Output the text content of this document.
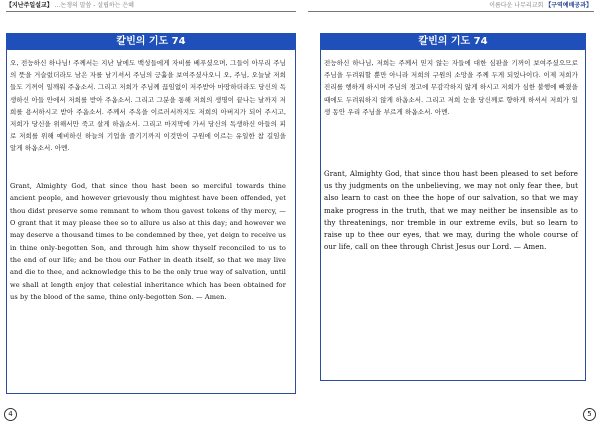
【지난주일설교】 ...논쟁의 말씀 - 설립하는 은혜
칼빈의 기도 74
오, 전능하신 하나님! 주께서는 지난 날에도 백성들에게 자비를 베푸셨으며, 그들이 아무리 주님의 뜻을 거슬렀더라도 남은 자를 남기셔서 주님의 긍휼을 보여주셨사오니 오, 주님, 오늘날 저희들도 기꺼이 일깨워 주옵소서. 그리고 저희가 주님께 끊임없이 저주받아 마땅하더라도 당신의 독생하신 아들 안에서 저희를 받아 주옵소서. 그리고 그분을 통해 저희의 생명이 끝나는 날까지 저희를 용서하시고 받아 주옵소서. 주께서 주옥을 이르러서까지도 저희의 아버지가 되어 주시고, 저희가 당신을 위해서만 죽고 살게 하옵소서. 그리고 마지막에 가서 당신의 독생하신 아들의 피로 저희를 위해 예비하신 하늘의 기업을 즐기기까지 이것만이 구원에 이르는 유일한 참 길임을 알게 하옵소서. 아멘.
Grant, Almighty God, that since thou hast been so merciful towards thine ancient people, and however grievously thou mightest have been offended, yet thou didst preserve some remnant to whom thou gavest tokens of thy mercy, — O grant that it may please thee so to allure us also at this day; and however we may deserve a thousand times to be condemned by thee, yet deign to receive us in thine only-begotten Son, and through him show thyself reconciled to us to the end of our life; and be thou our Father in death itself, so that we may live and die to thee, and acknowledge this to be the only true way of salvation, until we shall at length enjoy that celestial inheritance which has been obtained for us by the blood of the same, thine only-begotten Son. — Amen.
4
이름다운 나무리교회 【구역예배공과】
칼빈의 기도 74
전능하신 하나님, 저희는 주께서 믿지 않는 자들에 대한 심판을 기꺼이 보여주셨으므로 주님을 두려워할 뿐만 아니라 저희의 구원의 소망을 주께 두게 되었나이다. 이제 저희가 진리를 행하게 하시며 주님의 경고에 무감각하지 않게 하시고 저희가 심한 불행에 빠졌을 때에도 두려워하지 않게 하옵소서. 그리고 저희 눈을 당신께로 향하게 하셔서 저희가 일생 동안 우리 주님을 부르게 하옵소서. 아멘.
Grant, Almighty God, that since thou hast been pleased to set before us thy judgments on the unbelieving, we may not only fear thee, but also learn to cast on thee the hope of our salvation, so that we may make progress in the truth, that we may neither be insensible as to thy threatenings, nor tremble in our extreme evils, but so learn to raise up to thee our eyes, that we may, during the whole course of our life, call on thee through Christ Jesus our Lord. — Amen.
5
